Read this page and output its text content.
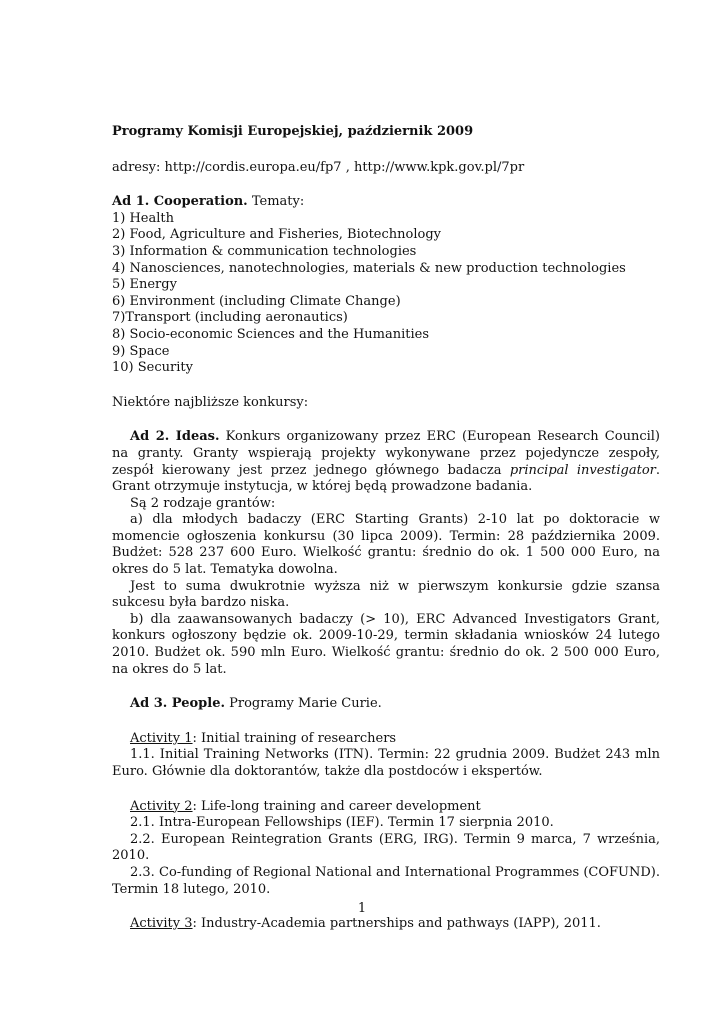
Programy Komisji Europejskiej, październik 2009

adresy: http://cordis.europa.eu/fp7 , http://www.kpk.gov.pl/7pr

Ad 1. Cooperation. Tematy:

1) Health

2) Food, Agriculture and Fisheries, Biotechnology

3) Information & communication technologies

4) Nanosciences, nanotechnologies, materials & new production technologies

5) Energy

6) Environment (including Climate Change)

7)Transport (including aeronautics)

8) Socio-economic Sciences and the Humanities

9) Space

10) Security

Niektóre najbliższe konkursy:

Ad 2. Ideas. Konkurs organizowany przez ERC (European Research Council) na granty. Granty wspierają projekty wykonywane przez pojedyncze zespoły, zespół kierowany jest przez jednego głównego badacza principal investigator. Grant otrzymuje instytucja, w której będą prowadzone badania.

Są 2 rodzaje grantów:

a) dla młodych badaczy (ERC Starting Grants) 2-10 lat po doktoracie w momencie ogłoszenia konkursu (30 lipca 2009). Termin: 28 października 2009. Budżet: 528 237 600 Euro. Wielkość grantu: średnio do ok. 1 500 000 Euro, na okres do 5 lat. Tematyka dowolna.

Jest to suma dwukrotnie wyższa niż w pierwszym konkursie gdzie szansa sukcesu była bardzo niska.

b) dla zaawansowanych badaczy (> 10), ERC Advanced Investigators Grant, konkurs ogłoszony będzie ok. 2009-10-29, termin składania wniosków 24 lutego 2010. Budżet ok. 590 mln Euro. Wielkość grantu: średnio do ok. 2 500 000 Euro, na okres do 5 lat.

Ad 3. People. Programy Marie Curie.

Activity 1: Initial training of researchers

1.1. Initial Training Networks (ITN). Termin: 22 grudnia 2009. Budżet 243 mln Euro. Głównie dla doktorantów, także dla postdoców i ekspertów.

Activity 2: Life-long training and career development

2.1. Intra-European Fellowships (IEF). Termin 17 sierpnia 2010.

2.2. European Reintegration Grants (ERG, IRG). Termin 9 marca, 7 września, 2010.

2.3. Co-funding of Regional National and International Programmes (COFUND). Termin 18 lutego, 2010.

Activity 3: Industry-Academia partnerships and pathways (IAPP), 2011.

1
